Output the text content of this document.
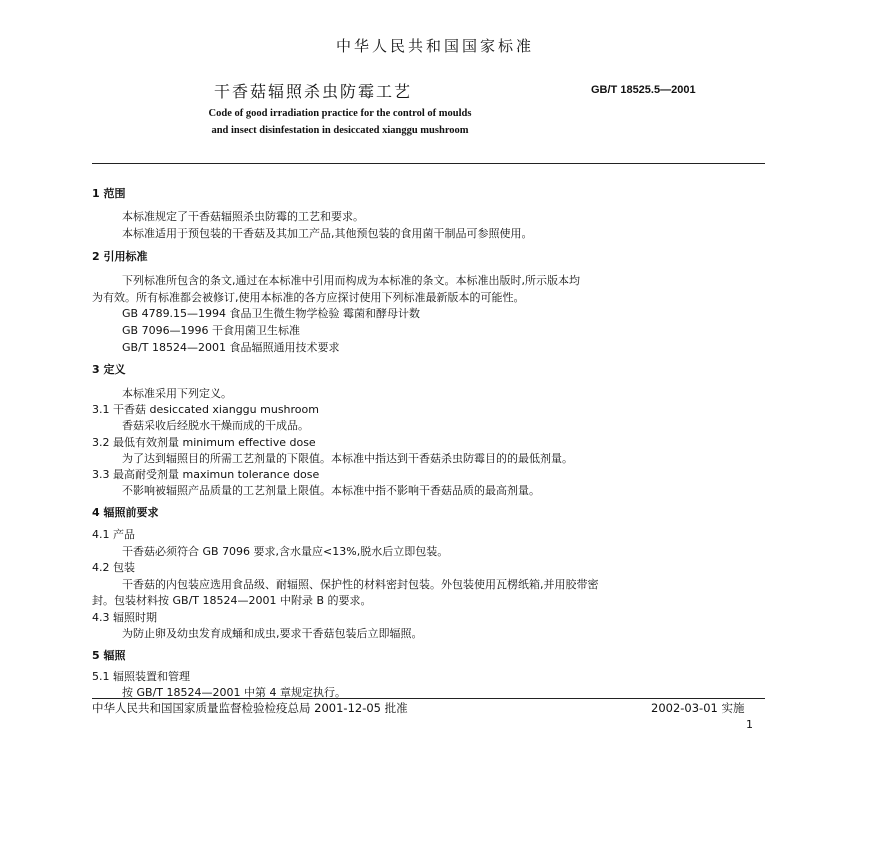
中华人民共和国国家标准
干香菇辐照杀虫防霉工艺	GB/T 18525.5—2001
Code of good irradiation practice for the control of moulds
and insect disinfestation in desiccated xianggu mushroom
1 范围
本标准规定了干香菇辐照杀虫防霉的工艺和要求。
本标准适用于预包装的干香菇及其加工产品,其他预包装的食用菌干制品可参照使用。
2 引用标准
下列标准所包含的条文,通过在本标准中引用而构成为本标准的条文。本标准出版时,所示版本均
为有效。所有标准都会被修订,使用本标准的各方应探讨使用下列标准最新版本的可能性。
GB 4789.15—1994 食品卫生微生物学检验 霉菌和酵母计数
GB 7096—1996 干食用菌卫生标准
GB/T 18524—2001 食品辐照通用技术要求
3 定义
本标准采用下列定义。
3.1 干香菇 desiccated xianggu mushroom
香菇采收后经脱水干燥而成的干成品。
3.2 最低有效剂量 minimum effective dose
为了达到辐照目的所需工艺剂量的下限值。本标准中指达到干香菇杀虫防霉目的的最低剂量。
3.3 最高耐受剂量 maximun tolerance dose
不影响被辐照产品质量的工艺剂量上限值。本标准中指不影响干香菇品质的最高剂量。
4 辐照前要求
4.1 产品
干香菇必须符合 GB 7096 要求,含水量应<13%,脱水后立即包装。
4.2 包装
干香菇的内包装应选用食品级、耐辐照、保护性的材料密封包装。外包装使用瓦楞纸箱,并用胶带密
封。包装材料按 GB/T 18524—2001 中附录 B 的要求。
4.3 辐照时期
为防止卵及幼虫发育成蛹和成虫,要求干香菇包装后立即辐照。
5 辐照
5.1 辐照装置和管理
按 GB/T 18524—2001 中第 4 章规定执行。
中华人民共和国国家质量监督检验检疫总局 2001-12-05 批准	2002-03-01 实施
1
